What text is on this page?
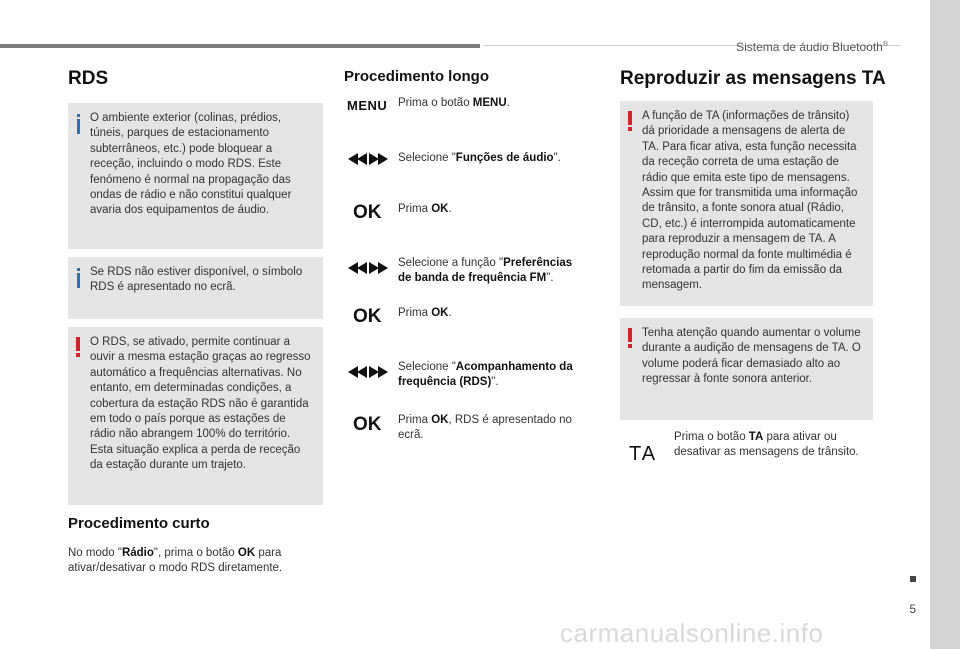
Sistema de áudio Bluetooth®
RDS
O ambiente exterior (colinas, prédios, túneis, parques de estacionamento subterrâneos, etc.) pode bloquear a receção, incluindo o modo RDS. Este fenómeno é normal na propagação das ondas de rádio e não constitui qualquer avaria dos equipamentos de áudio.
Se RDS não estiver disponível, o símbolo RDS é apresentado no ecrã.
O RDS, se ativado, permite continuar a ouvir a mesma estação graças ao regresso automático a frequências alternativas. No entanto, em determinadas condições, a cobertura da estação RDS não é garantida em todo o país porque as estações de rádio não abrangem 100% do território. Esta situação explica a perda de receção da estação durante um trajeto.
Procedimento curto
No modo "Rádio", prima o botão OK para ativar/desativar o modo RDS diretamente.
Procedimento longo
MENU Prima o botão MENU.
Selecione "Funções de áudio".
OK Prima OK.
Selecione a função "Preferências de banda de frequência FM".
OK Prima OK.
Selecione "Acompanhamento da frequência (RDS)".
OK Prima OK, RDS é apresentado no ecrã.
Reproduzir as mensagens TA
A função de TA (informações de trânsito) dá prioridade a mensagens de alerta de TA. Para ficar ativa, esta função necessita da receção correta de uma estação de rádio que emita este tipo de mensagens. Assim que for transmitida uma informação de trânsito, a fonte sonora atual (Rádio, CD, etc.) é interrompida automaticamente para reproduzir a mensagem de TA. A reprodução normal da fonte multimédia é retomada a partir do fim da emissão da mensagem.
Tenha atenção quando aumentar o volume durante a audição de mensagens de TA. O volume poderá ficar demasiado alto ao regressar à fonte sonora anterior.
TA
Prima o botão TA para ativar ou desativar as mensagens de trânsito.
5
carmanualsonline.info
